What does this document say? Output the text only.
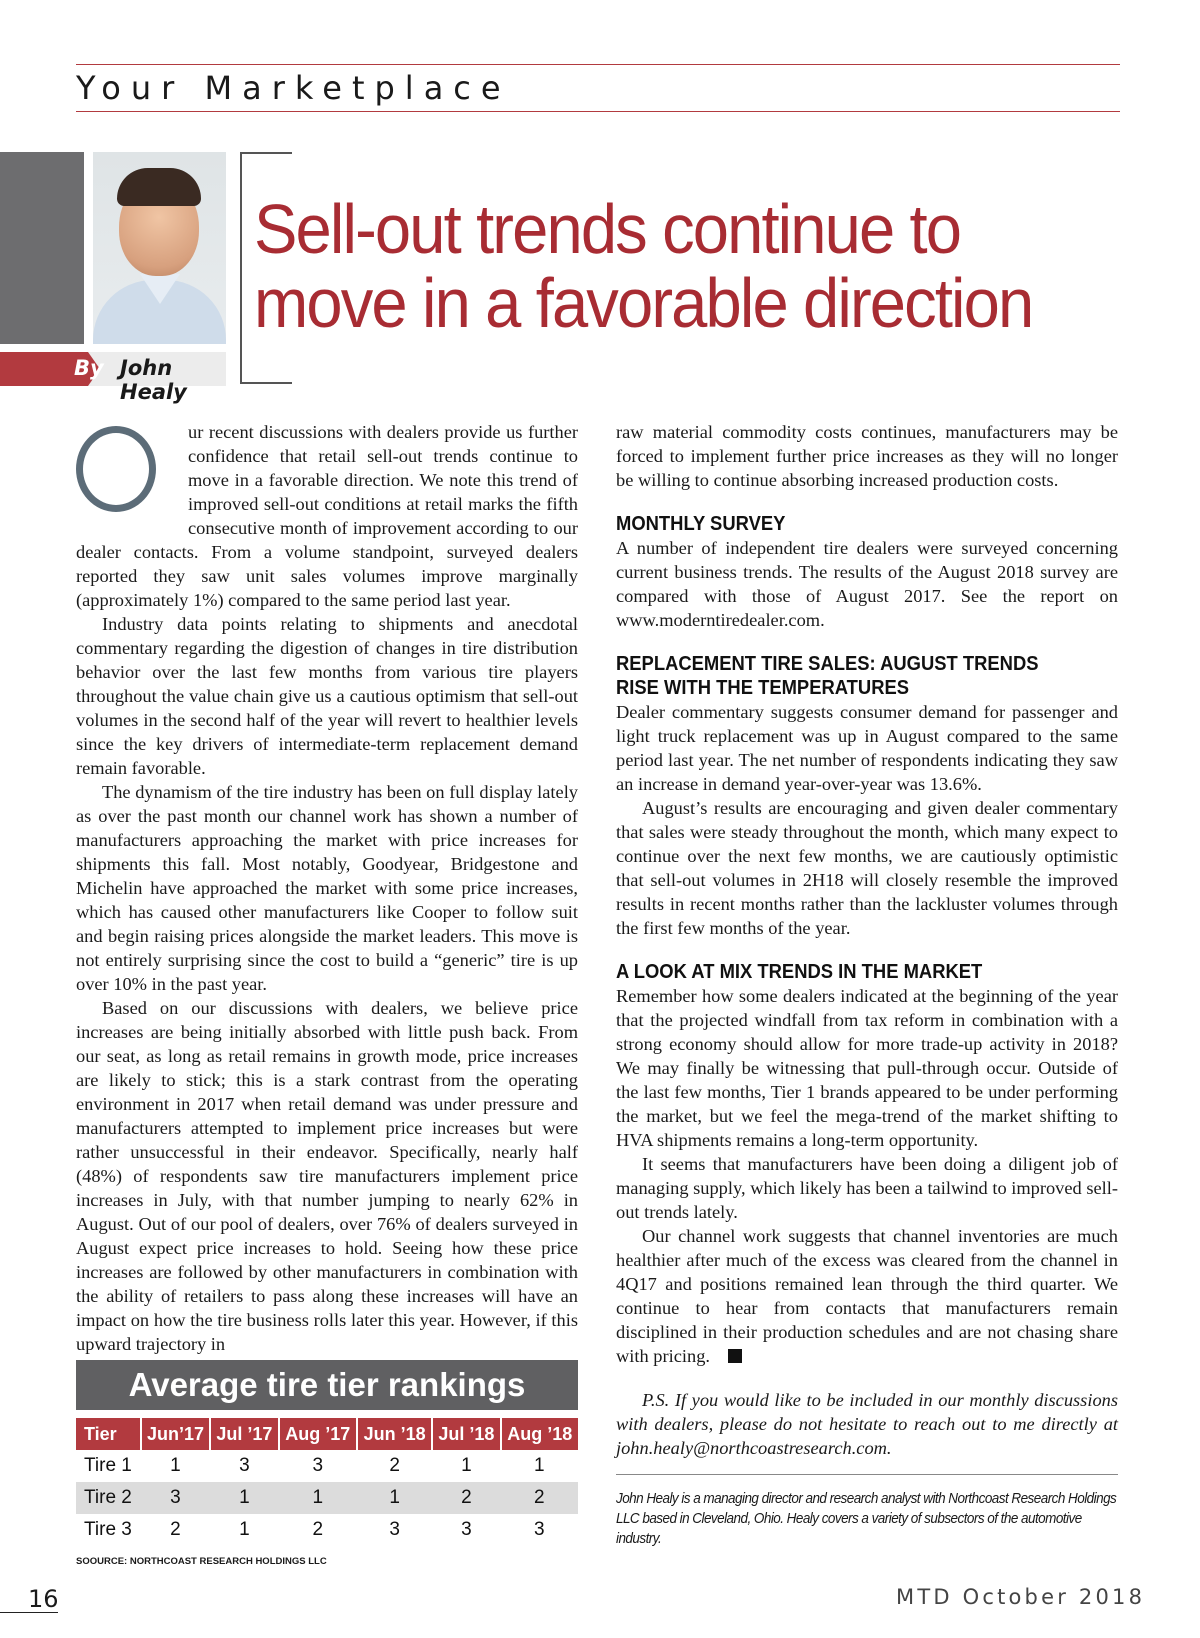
Your Marketplace
By John Healy
Sell-out trends continue to move in a favorable direction

ur recent discussions with dealers provide us further confidence that retail sell-out trends continue to move in a favorable direction. We note this trend of improved sell-out conditions at retail marks the fifth consecutive month of improvement according to our dealer contacts. From a volume standpoint, surveyed dealers reported they saw unit sales volumes improve marginally (approximately 1%) compared to the same period last year.

Industry data points relating to shipments and anecdotal commentary regarding the digestion of changes in tire distribution behavior over the last few months from various tire players throughout the value chain give us a cautious optimism that sell-out volumes in the second half of the year will revert to healthier levels since the key drivers of intermediate-term replacement demand remain favorable.

The dynamism of the tire industry has been on full display lately as over the past month our channel work has shown a number of manufacturers approaching the market with price increases for shipments this fall. Most notably, Goodyear, Bridgestone and Michelin have approached the market with some price increases, which has caused other manufacturers like Cooper to follow suit and begin raising prices alongside the market leaders. This move is not entirely surprising since the cost to build a “generic” tire is up over 10% in the past year.

Based on our discussions with dealers, we believe price increases are being initially absorbed with little push back. From our seat, as long as retail remains in growth mode, price increases are likely to stick; this is a stark contrast from the operating environment in 2017 when retail demand was under pressure and manufacturers attempted to implement price increases but were rather unsuccessful in their endeavor. Specifically, nearly half (48%) of respondents saw tire manufacturers implement price increases in July, with that number jumping to nearly 62% in August. Out of our pool of dealers, over 76% of dealers surveyed in August expect price increases to hold. Seeing how these price increases are followed by other manufacturers in combination with the ability of retailers to pass along these increases will have an impact on how the tire business rolls later this year. However, if this upward trajectory in

Average tire tier rankings
Tier	Jun’17	Jul ’17	Aug ’17	Jun ’18	Jul ’18	Aug ’18
Tire 1	1	3	3	2	1	1
Tire 2	3	1	1	1	2	2
Tire 3	2	1	2	3	3	3
SOOURCE: NORTHCOAST RESEARCH HOLDINGS LLC

raw material commodity costs continues, manufacturers may be forced to implement further price increases as they will no longer be willing to continue absorbing increased production costs.

MONTHLY SURVEY

A number of independent tire dealers were surveyed concerning current business trends. The results of the August 2018 survey are compared with those of August 2017. See the report on www.moderntiredealer.com.

REPLACEMENT TIRE SALES: AUGUST TRENDS
RISE WITH THE TEMPERATURES

Dealer commentary suggests consumer demand for passenger and light truck replacement was up in August compared to the same period last year. The net number of respondents indicating they saw an increase in demand year-over-year was 13.6%.

August’s results are encouraging and given dealer commentary that sales were steady throughout the month, which many expect to continue over the next few months, we are cautiously optimistic that sell-out volumes in 2H18 will closely resemble the improved results in recent months rather than the lackluster volumes through the first few months of the year.

A LOOK AT MIX TRENDS IN THE MARKET

Remember how some dealers indicated at the beginning of the year that the projected windfall from tax reform in combination with a strong economy should allow for more trade-up activity in 2018? We may finally be witnessing that pull-through occur. Outside of the last few months, Tier 1 brands appeared to be under performing the market, but we feel the mega-trend of the market shifting to HVA shipments remains a long-term opportunity.

It seems that manufacturers have been doing a diligent job of managing supply, which likely has been a tailwind to improved sell-out trends lately.

Our channel work suggests that channel inventories are much healthier after much of the excess was cleared from the channel in 4Q17 and positions remained lean through the third quarter. We continue to hear from contacts that manufacturers remain disciplined in their production schedules and are not chasing share with pricing.

P.S. If you would like to be included in our monthly discussions with dealers, please do not hesitate to reach out to me directly at john.healy@northcoastresearch.com.

John Healy is a managing director and research analyst with Northcoast Research Holdings LLC based in Cleveland, Ohio. Healy covers a variety of subsectors of the automotive industry.
16	MTD October 2018
